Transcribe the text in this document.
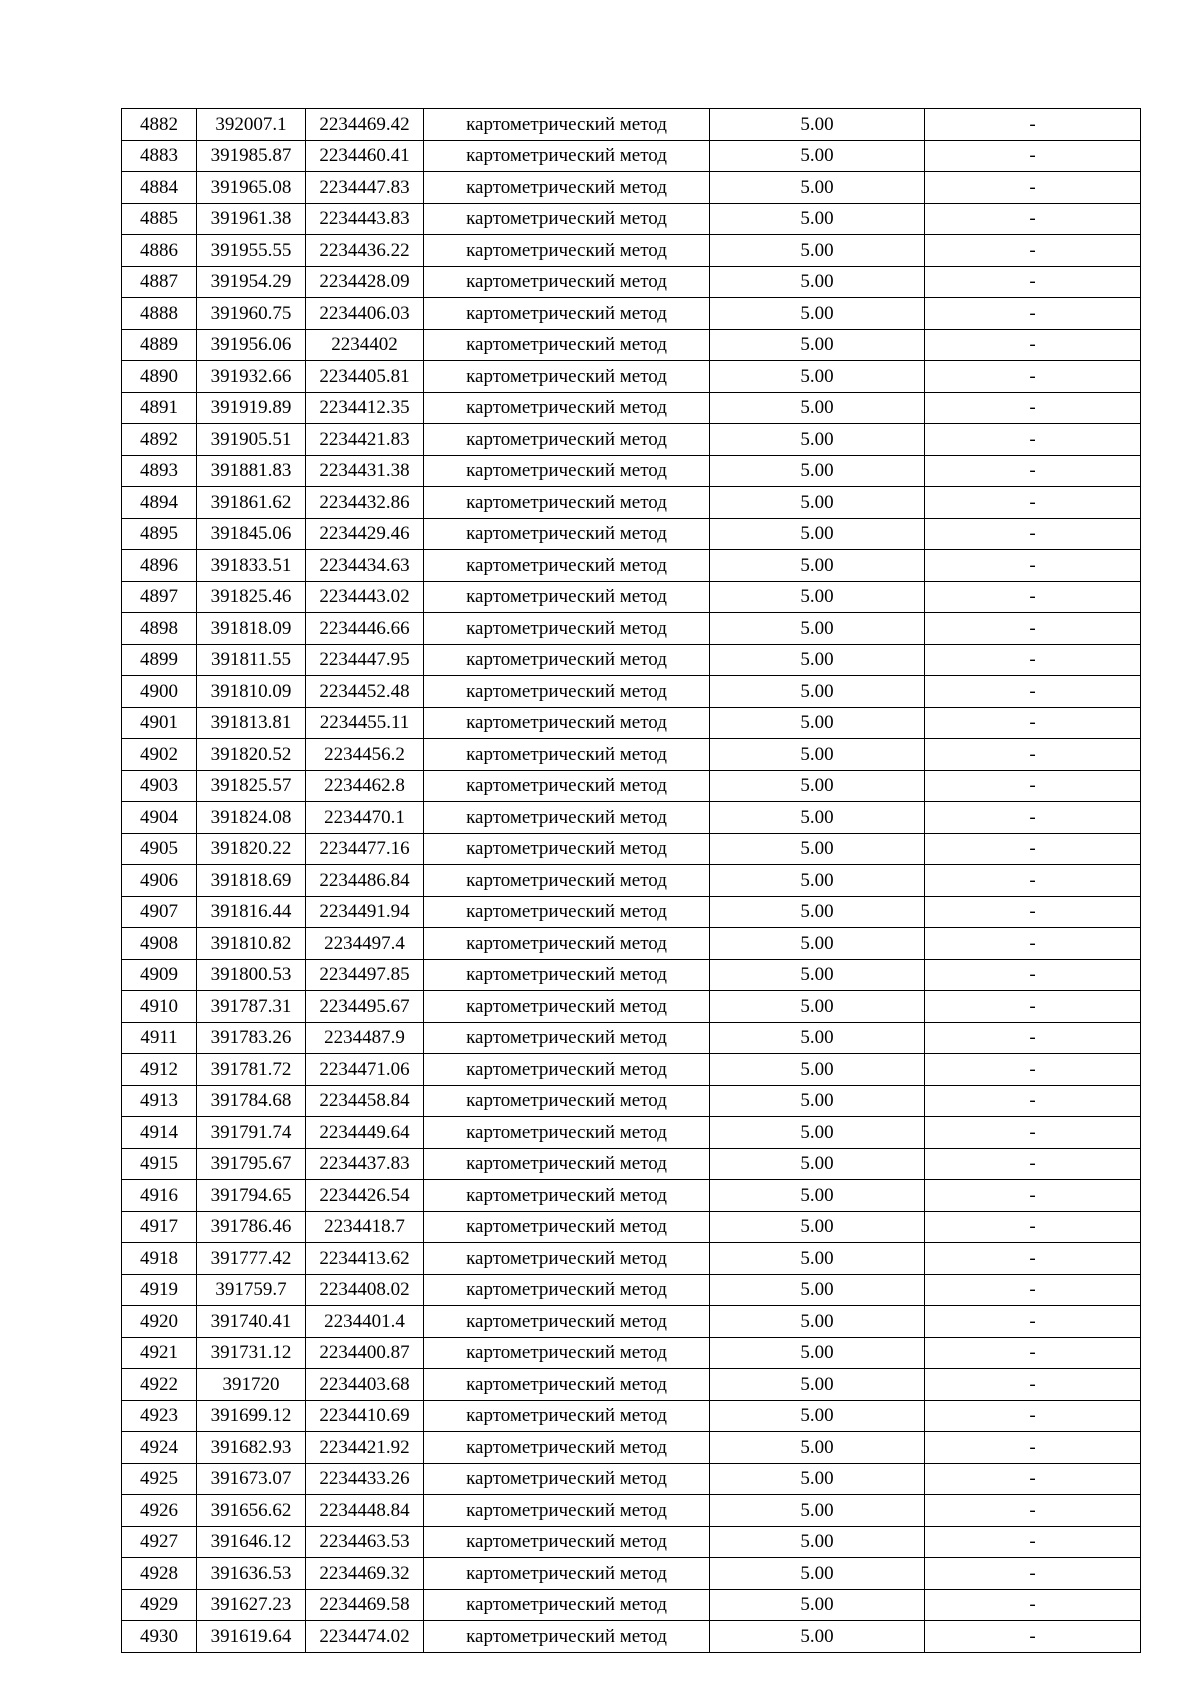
4882	392007.1	2234469.42	картометрический метод	5.00	-
4883	391985.87	2234460.41	картометрический метод	5.00	-
4884	391965.08	2234447.83	картометрический метод	5.00	-
4885	391961.38	2234443.83	картометрический метод	5.00	-
4886	391955.55	2234436.22	картометрический метод	5.00	-
4887	391954.29	2234428.09	картометрический метод	5.00	-
4888	391960.75	2234406.03	картометрический метод	5.00	-
4889	391956.06	2234402	картометрический метод	5.00	-
4890	391932.66	2234405.81	картометрический метод	5.00	-
4891	391919.89	2234412.35	картометрический метод	5.00	-
4892	391905.51	2234421.83	картометрический метод	5.00	-
4893	391881.83	2234431.38	картометрический метод	5.00	-
4894	391861.62	2234432.86	картометрический метод	5.00	-
4895	391845.06	2234429.46	картометрический метод	5.00	-
4896	391833.51	2234434.63	картометрический метод	5.00	-
4897	391825.46	2234443.02	картометрический метод	5.00	-
4898	391818.09	2234446.66	картометрический метод	5.00	-
4899	391811.55	2234447.95	картометрический метод	5.00	-
4900	391810.09	2234452.48	картометрический метод	5.00	-
4901	391813.81	2234455.11	картометрический метод	5.00	-
4902	391820.52	2234456.2	картометрический метод	5.00	-
4903	391825.57	2234462.8	картометрический метод	5.00	-
4904	391824.08	2234470.1	картометрический метод	5.00	-
4905	391820.22	2234477.16	картометрический метод	5.00	-
4906	391818.69	2234486.84	картометрический метод	5.00	-
4907	391816.44	2234491.94	картометрический метод	5.00	-
4908	391810.82	2234497.4	картометрический метод	5.00	-
4909	391800.53	2234497.85	картометрический метод	5.00	-
4910	391787.31	2234495.67	картометрический метод	5.00	-
4911	391783.26	2234487.9	картометрический метод	5.00	-
4912	391781.72	2234471.06	картометрический метод	5.00	-
4913	391784.68	2234458.84	картометрический метод	5.00	-
4914	391791.74	2234449.64	картометрический метод	5.00	-
4915	391795.67	2234437.83	картометрический метод	5.00	-
4916	391794.65	2234426.54	картометрический метод	5.00	-
4917	391786.46	2234418.7	картометрический метод	5.00	-
4918	391777.42	2234413.62	картометрический метод	5.00	-
4919	391759.7	2234408.02	картометрический метод	5.00	-
4920	391740.41	2234401.4	картометрический метод	5.00	-
4921	391731.12	2234400.87	картометрический метод	5.00	-
4922	391720	2234403.68	картометрический метод	5.00	-
4923	391699.12	2234410.69	картометрический метод	5.00	-
4924	391682.93	2234421.92	картометрический метод	5.00	-
4925	391673.07	2234433.26	картометрический метод	5.00	-
4926	391656.62	2234448.84	картометрический метод	5.00	-
4927	391646.12	2234463.53	картометрический метод	5.00	-
4928	391636.53	2234469.32	картометрический метод	5.00	-
4929	391627.23	2234469.58	картометрический метод	5.00	-
4930	391619.64	2234474.02	картометрический метод	5.00	-
